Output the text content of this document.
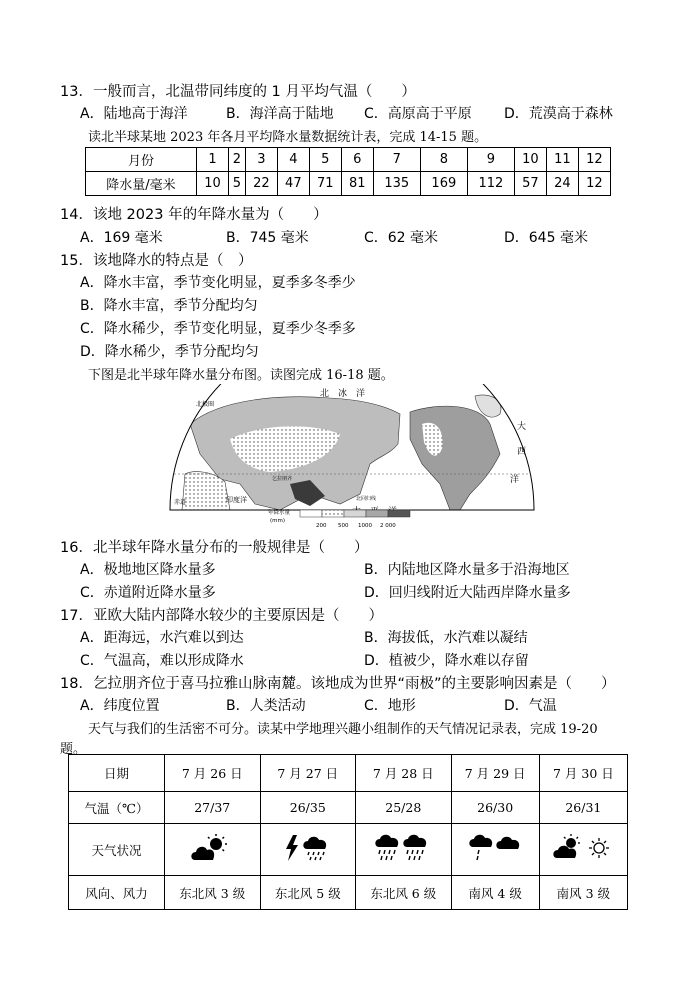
13．一般而言，北温带同纬度的 1 月平均气温（　　）
A．陆地高于海洋	B．海洋高于陆地 C．高原高于平原 D．荒漠高于森林
读北半球某地 2023 年各月平均降水量数据统计表，完成 14-15 题。
月份	1	2	3	4	5	6	7	8	9	10	11	12
降水量/毫米	10	5	22	47	71	81	135	169	112	57	24	12
14．该地 2023 年的年降水量为（　　）
A．169 毫米	B．745 毫米	C．62 毫米	D．645 毫米
15．该地降水的特点是（　）
A．降水丰富，季节变化明显，夏季多冬季少
B．降水丰富，季节分配均匀
C．降水稀少，季节变化明显，夏季少冬季多
D．降水稀少，季节分配均匀
下图是北半球年降水量分布图。读图完成 16-18 题。
北　冰　洋
北极圈
北回归线
大
西
洋
印度洋
赤道
乞拉朋齐
年降水量
(mm)
200 500 1000 2 000
16．北半球年降水量分布的一般规律是（　　）
A．极地地区降水量多	B．内陆地区降水量多于沿海地区
C．赤道附近降水量多	D．回归线附近大陆西岸降水量多
17．亚欧大陆内部降水较少的主要原因是（　　）
A．距海远，水汽难以到达	B．海拔低，水汽难以凝结
C．气温高，难以形成降水	D．植被少，降水难以存留
18．乞拉朋齐位于喜马拉雅山脉南麓。该地成为世界“雨极”的主要影响因素是（　　）
A．纬度位置	B．人类活动	C．地形	D．气温
天气与我们的生活密不可分。读某中学地理兴趣小组制作的天气情况记录表，完成 19-20
题。
日期	7 月 26 日	7 月 27 日	7 月 28 日	7 月 29 日	7 月 30 日
气温（℃）	27/37	26/35	25/28	26/30	26/31
天气状况					
风向、风力	东北风 3 级	东北风 5 级	东北风 6 级	南风 4 级	南风 3 级
